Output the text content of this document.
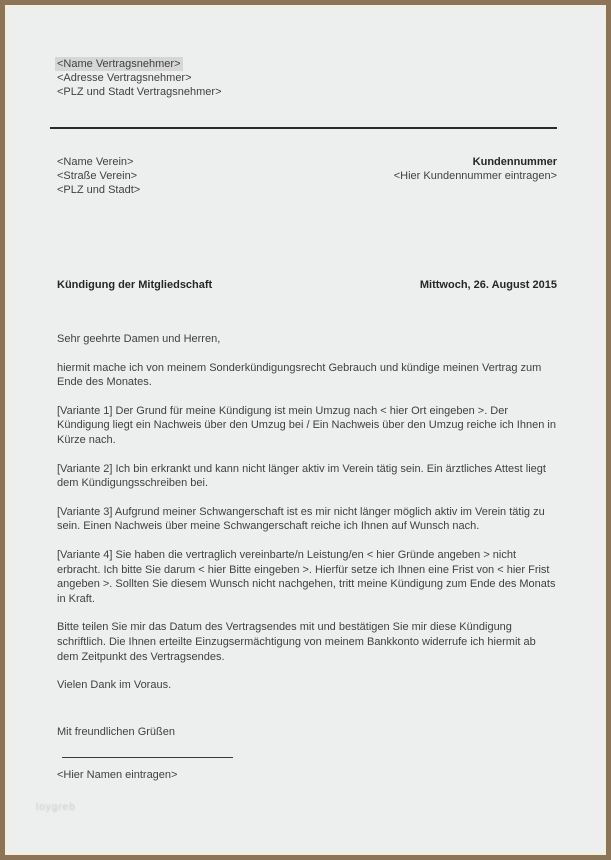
<Name Vertragsnehmer>
<Adresse Vertragsnehmer>
<PLZ und Stadt Vertragsnehmer>
<Name Verein>
<Straße Verein>
<PLZ und Stadt>
Kundennummer
<Hier Kundennummer eintragen>
Kündigung der Mitgliedschaft	Mittwoch, 26. August 2015

Sehr geehrte Damen und Herren,

hiermit mache ich von meinem Sonderkündigungsrecht Gebrauch und kündige meinen Vertrag zum Ende des Monates.

[Variante 1] Der Grund für meine Kündigung ist mein Umzug nach < hier Ort eingeben >. Der Kündigung liegt ein Nachweis über den Umzug bei / Ein Nachweis über den Umzug reiche ich Ihnen in Kürze nach.

[Variante 2] Ich bin erkrankt und kann nicht länger aktiv im Verein tätig sein. Ein ärztliches Attest liegt dem Kündigungsschreiben bei.

[Variante 3] Aufgrund meiner Schwangerschaft ist es mir nicht länger möglich aktiv im Verein tätig zu sein. Einen Nachweis über meine Schwangerschaft reiche ich Ihnen auf Wunsch nach.

[Variante 4] Sie haben die vertraglich vereinbarte/n Leistung/en < hier Gründe angeben > nicht erbracht. Ich bitte Sie darum < hier Bitte eingeben >. Hierfür setze ich Ihnen eine Frist von < hier Frist angeben >. Sollten Sie diesem Wunsch nicht nachgehen, tritt meine Kündigung zum Ende des Monats in Kraft.

Bitte teilen Sie mir das Datum des Vertragsendes mit und bestätigen Sie mir diese Kündigung schriftlich. Die Ihnen erteilte Einzugsermächtigung von meinem Bankkonto widerrufe ich hiermit ab dem Zeitpunkt des Vertragsendes.

Vielen Dank im Voraus.

Mit freundlichen Grüßen

<Hier Namen eintragen>
loygreb
